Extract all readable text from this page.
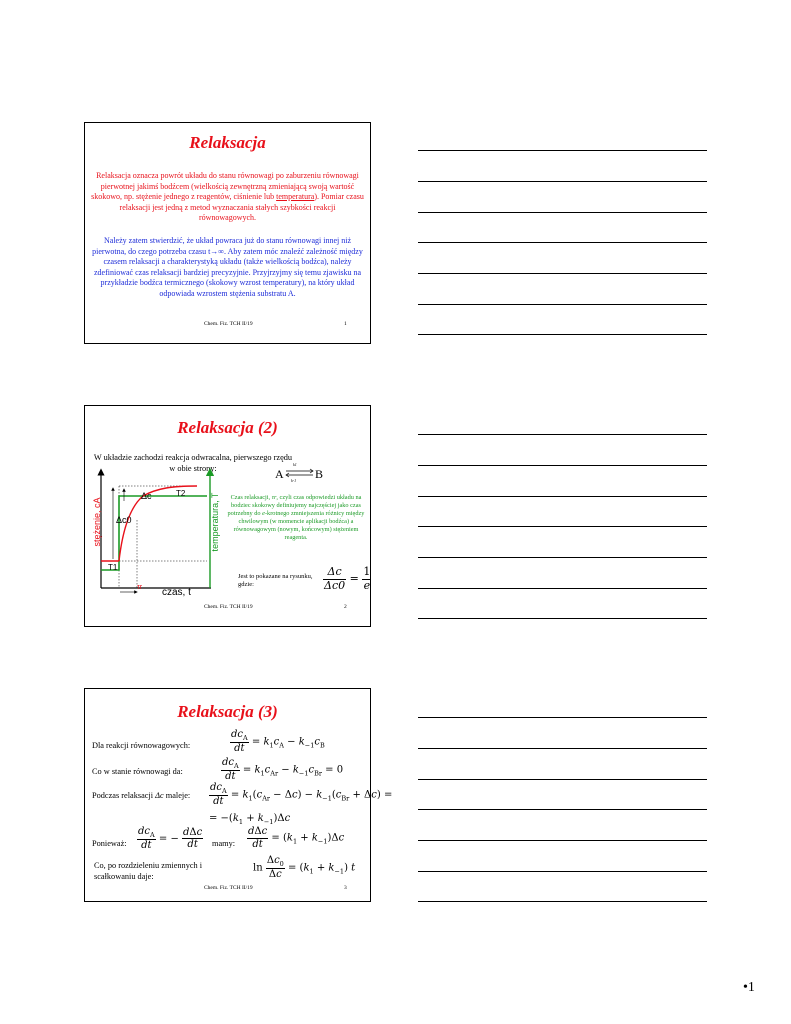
Relaksacja
Relaksacja oznacza powrót układu do stanu równowagi po zaburzeniu równowagi pierwotnej jakimś bodźcem (wielkością zewnętrzną zmieniającą swoją wartość skokowo, np. stężenie jednego z reagentów, ciśnienie lub temperatura). Pomiar czasu relaksacji jest jedną z metod wyznaczania stałych szybkości reakcji równowagowych.
Należy zatem stwierdzić, że układ powraca już do stanu równowagi innej niż pierwotna, do czego potrzeba czasu t→∞. Aby zatem móc znaleźć zależność między czasem relaksacji a charakterystyką układu (także wielkością bodźca), należy zdefiniować czas relaksacji bardziej precyzyjnie. Przyjrzyjmy się temu zjawisku na przykładzie bodźca termicznego (skokowy wzrost temperatury), na który układ odpowiada wzrostem stężenia substratu A.
Chem. Fiz. TCH II/19	1
Relaksacja (2)
W układzie zachodzi reakcja odwracalna, pierwszego rzędu w obie strony:	A ⇌
k1
k-1 B
stężenie, cA	temperatura, T
czas, t
Δc
Δc0
T1
T2
τr
Czas relaksacji, τr, czyli czas odpowiedzi układu na bodziec skokowy definiujemy najczęściej jako czas potrzebny do e-krotnego zmniejszenia różnicy między chwilowym (w momencie aplikacji bodźca) a równowagowym (nowym, końcowym) stężeniem reagenta.
Jest to pokazane na rysunku, gdzie:	$\frac{\Delta c}{\Delta c0} = \frac{1}{e}$
Chem. Fiz. TCH II/19	2
Relaksacja (3)
Dla reakcji równowagowych:	$\frac{dc_A}{dt} = k_1c_A - k_{-1}c_B$
Co w stanie równowagi da:	$\frac{dc_A}{dt} = k_1c_{Ar} - k_{-1}c_{Br} = 0$
Podczas relaksacji Δc maleje: $\frac{dc_A}{dt} = k_1(c_{Ar} - \Delta c) - k_{-1}(c_{Br} + \Delta c)$ =
= $-(k_1 + k_{-1})\Delta c$
Ponieważ: $\frac{dc_A}{dt}$ = − $\frac{\text{dΔc}}{dt}$ mamy: $\frac{\text{dΔc}}{dt} = (k_1 + k_{-1})\Delta c$
Co, po rozdzieleniu zmiennych i scałkowaniu daje:
$\ln \frac{\Delta c_0}{\Delta c} = (k_1 + k_{-1})$ t
Chem. Fiz. TCH II/19	3
•1
